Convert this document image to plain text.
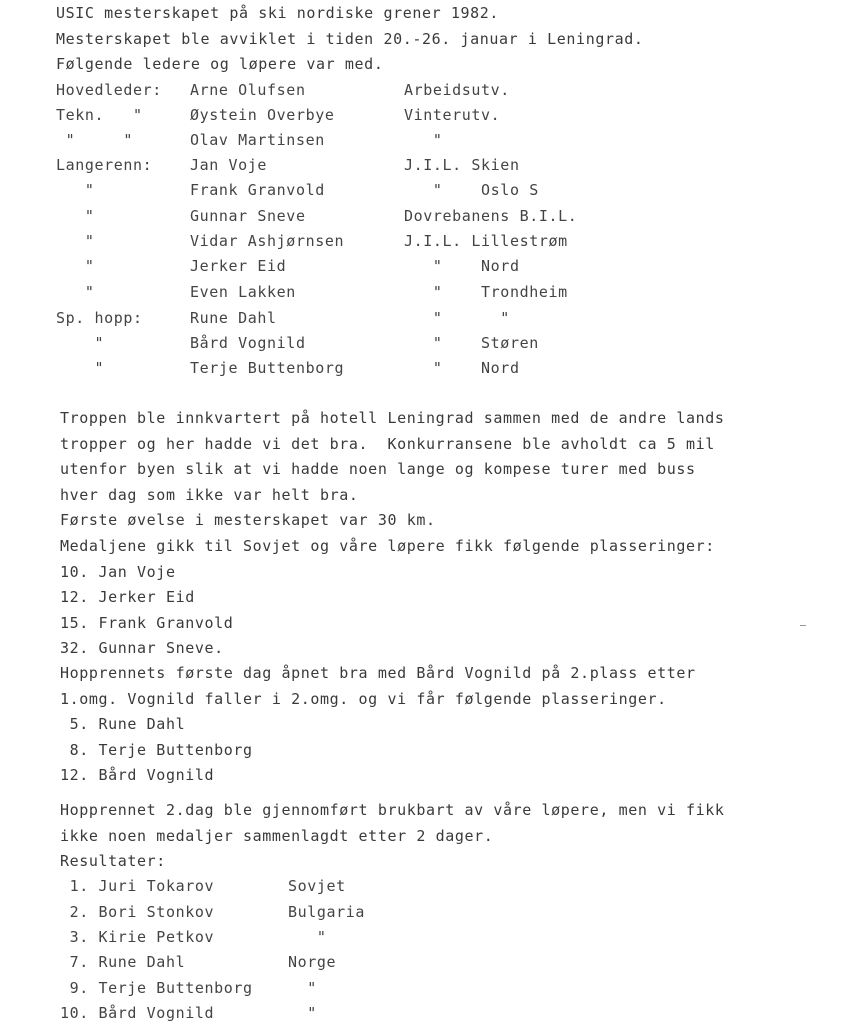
USIC mesterskapet på ski nordiske grener 1982.
Mesterskapet ble avviklet i tiden 20.-26. januar i Leningrad.
Følgende ledere og løpere var med.
Hovedleder: Arne Olufsen	Arbeidsutv.
Tekn.   "	Øystein Overbye	Vinterutv.
"     "	Olav Martinsen	"
Langerenn:	Jan Voje	J.I.L. Skien
"	Frank Granvold	"    Oslo S
"	Gunnar Sneve	Dovrebanens B.I.L.
"	Vidar Ashjørnsen	J.I.L. Lillestrøm
"	Jerker Eid	"    Nord
"	Even Lakken	"    Trondheim
Sp. hopp:	Rune Dahl	"      "
"	Bård Vognild	"    Støren
"	Terje Buttenborg	"    Nord
Troppen ble innkvartert på hotell Leningrad sammen med de andre lands
tropper og her hadde vi det bra.  Konkurransene ble avholdt ca 5 mil
utenfor byen slik at vi hadde noen lange og kompese turer med buss
hver dag som ikke var helt bra.
Første øvelse i mesterskapet var 30 km.
Medaljene gikk til Sovjet og våre løpere fikk følgende plasseringer:
10. Jan Voje
12. Jerker Eid
15. Frank Granvold
32. Gunnar Sneve.
Hopprennets første dag åpnet bra med Bård Vognild på 2.plass etter
1.omg. Vognild faller i 2.omg. og vi får følgende plasseringer.
5. Rune Dahl
8. Terje Buttenborg
12. Bård Vognild
Hopprennet 2.dag ble gjennomført brukbart av våre løpere, men vi fikk
ikke noen medaljer sammenlagdt etter 2 dager.
Resultater:
1. Juri Tokarov	Sovjet
2. Bori Stonkov	Bulgaria
3. Kirie Petkov	"
7. Rune Dahl	Norge
9. Terje Buttenborg "
10. Bård Vognild	"
